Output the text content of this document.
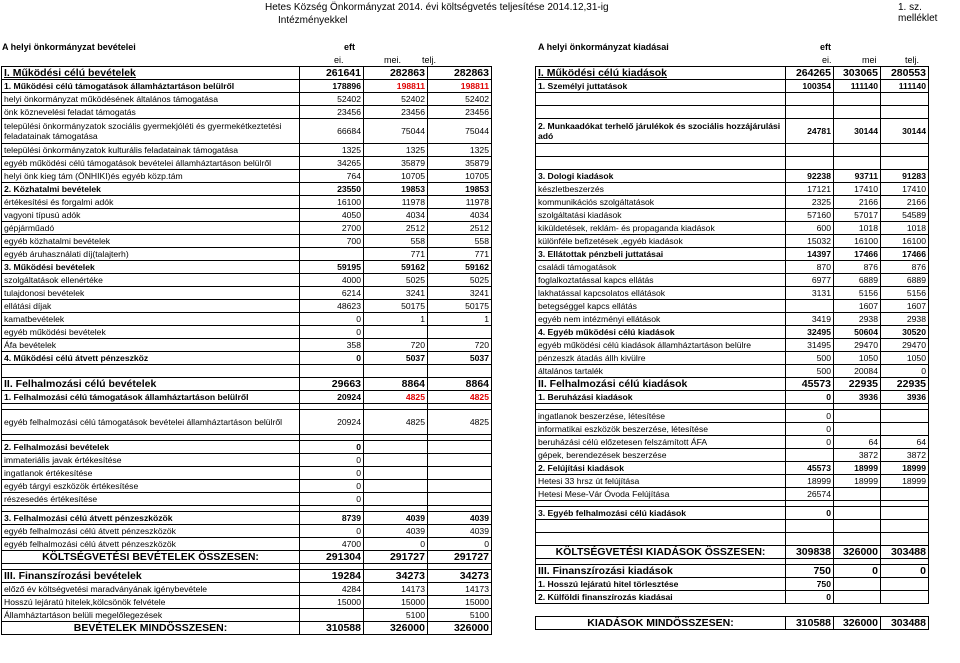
Hetes Község Önkormányzat 2014. évi költségvetés teljesítése 2014.12,31-ig
Intézményekkel
1. sz. melléklet
A helyi önkormányzat bevételei	eft
ei.	mei. telj.
A helyi önkormányzat kiadásai	eft
ei.	mei	telj.
I. Működési célú bevételek	261641	282863	282863
1. Működési célú támogatások államháztartáson belülről	178896	198811	198811
helyi önkormányzat működésének általános támogatása	52402	52402	52402
önk köznevelési feladat támogatás	23456	23456	23456
települési önkormányzatok szociális gyermekjóléti és gyermekétkeztetési feladatainak támogatása	66684	75044	75044
települési önkormányzatok kulturális feladatainak támogatása	1325	1325	1325
egyéb működési célú támogatások bevételei államháztartáson belülről	34265	35879	35879
helyi önk kieg tám (ÖNHIKI)és egyéb közp.tám	764	10705	10705
2. Közhatalmi bevételek	23550	19853	19853
értékesítési és forgalmi adók	16100	11978	11978
vagyoni típusú adók	4050	4034	4034
gépjárműadó	2700	2512	2512
egyéb közhatalmi bevételek	700	558	558
egyéb áruhasználati díj(talajterh)		771	771
3. Működési bevételek	59195	59162	59162
szolgáltatások ellenértéke	4000	5025	5025
tulajdonosi bevételek	6214	3241	3241
ellátási díjak	48623	50175	50175
kamatbevételek	0	1	1
egyéb működési bevételek	0		
Áfa bevételek	358	720	720
4. Működési célú átvett pénzeszköz	0	5037	5037

II. Felhalmozási célú bevételek	29663	8864	8864
1. Felhalmozási célú támogatások államháztartáson belülről	20924	4825	4825

egyéb felhalmozási célú támogatások bevételei államháztartáson belülről	20924	4825	4825

2. Felhalmozási bevételek	0		
immateriális javak értékesítése	0		
ingatlanok értékesítése	0		
egyéb tárgyi eszközök értékesítése	0		
részesedés értékesítése	0		

3. Felhalmozási célú átvett pénzeszközök	8739	4039	4039
egyéb felhalmozási célú átvett pénzeszközök	0	4039	4039
egyéb felhalmozási célú átvett pénzeszközök	4700	0	0
KÖLTSÉGVETÉSI BEVÉTELEK ÖSSZESEN:	291304	291727	291727

III. Finanszírozási bevételek	19284	34273	34273
előző év költségvetési maradványának igénybevétele	4284	14173	14173
Hosszú lejáratú hitelek,kölcsönök felvétele	15000	15000	15000
Államháztartáson belüli megelőlegezések		5100	5100
BEVÉTELEK MINDÖSSZESEN:	310588	326000	326000
I. Működési célú kiadások	264265	303065	280553
1. Személyi juttatások	100354	111140	111140

2. Munkaadókat terhelő járulékok és szociális hozzájárulási adó	24781	30144	30144

3. Dologi kiadások	92238	93711	91283
készletbeszerzés	17121	17410	17410
kommunikációs szolgáltatások	2325	2166	2166
szolgáltatási kiadások	57160	57017	54589
kiküldetések, reklám- és propaganda kiadások	600	1018	1018
különféle befizetések ,egyéb kiadások	15032	16100	16100
3. Ellátottak pénzbeli juttatásai	14397	17466	17466
családi támogatások	870	876	876
foglalkoztatással kapcs ellátás	6977	6889	6889
lakhatással kapcsolatos ellátások	3131	5156	5156
betegséggel kapcs ellátás		1607	1607
egyéb nem intézményi ellátások	3419	2938	2938
4. Egyéb működési célú kiadások	32495	50604	30520
egyéb működési célú kiadások államháztartáson belülre	31495	29470	29470
pénzeszk átadás állh kivülre	500	1050	1050
általános tartalék	500	20084	0
II. Felhalmozási célú kiadások	45573	22935	22935
1. Beruházási kiadások	0	3936	3936

ingatlanok beszerzése, létesítése	0		
informatikai eszközök beszerzése, létesítése	0		
beruházási célú előzetesen felszámított ÁFA	0	64	64
gépek, berendezések beszerzése		3872	3872
2. Felújítási kiadások	45573	18999	18999
Hetesi 33 hrsz út felújítása	18999	18999	18999
Hetesi Mese-Vár Óvoda Felújítása	26574		

3. Egyéb felhalmozási célú kiadások	0		

KÖLTSÉGVETÉSI KIADÁSOK ÖSSZESEN:	309838	326000	303488

III. Finanszírozási kiadások	750	0	0
1. Hosszú lejáratú hitel törlesztése	750		
2. Külföldi finanszírozás kiadásai	0		

KIADÁSOK MINDÖSSZESEN:	310588	326000	303488
